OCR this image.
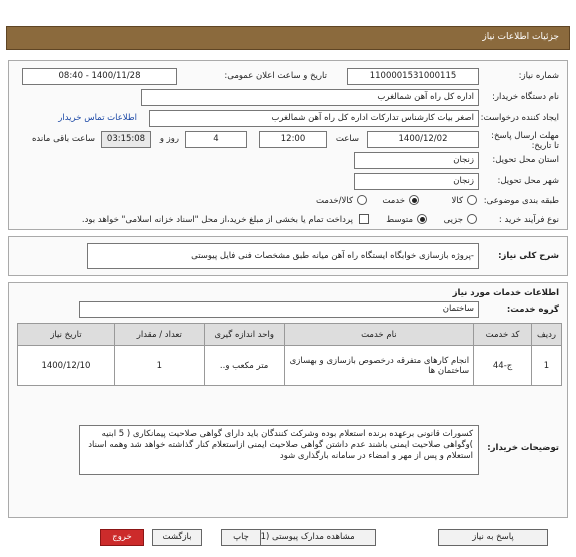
جزئیات اطلاعات نیاز
شماره نیاز:
1100001531000115
تاریخ و ساعت اعلان عمومی:
1400/11/28 - 08:40
نام دستگاه خریدار:
اداره کل راه آهن شمالغرب
ایجاد کننده درخواست:
اصغر بیات کارشناس تدارکات اداره کل راه آهن شمالغرب
اطلاعات تماس خریدار
مهلت ارسال پاسخ: تا تاریخ:
1400/12/02
ساعت
12:00
4
روز و
03:15:08
ساعت باقی مانده
استان محل تحویل:
زنجان
شهر محل تحویل:
زنجان
طبقه بندی موضوعی:
کالا
خدمت
کالا/خدمت
نوع فرآیند خرید :
جزیی
متوسط
پرداخت تمام یا بخشی از مبلغ خرید،از محل "اسناد خزانه اسلامی" خواهد بود.
شرح کلی نیاز:
-پروژه بازسازی خوابگاه ایستگاه راه آهن میانه طبق مشخصات فنی فایل پیوستی
اطلاعات خدمات مورد نیاز
گروه خدمت:
ساختمان
ردیف	کد خدمت	نام خدمت	واحد اندازه گیری	تعداد / مقدار	تاریخ نیاز
1	ج-44	انجام کارهای متفرقه درخصوص بازسازی و بهسازی ساختمان ها	متر مکعب و..	1	1400/12/10
توضیحات خریدار:
کسورات قانونی برعهده برنده استعلام بوده وشرکت کنندگان باید دارای گواهی صلاحیت پیمانکاری ( 5 ابنیه )وگواهی صلاحیت ایمنی باشند عدم داشتن گواهی صلاحیت ایمنی ازاستعلام کنار گذاشته خواهد شد وهمه اسناد استعلام و پس از مهر و امضاء در سامانه بارگذاری شود
پاسخ به نیاز
مشاهده مدارک پیوستی (1
چاپ
بازگشت
خروج
